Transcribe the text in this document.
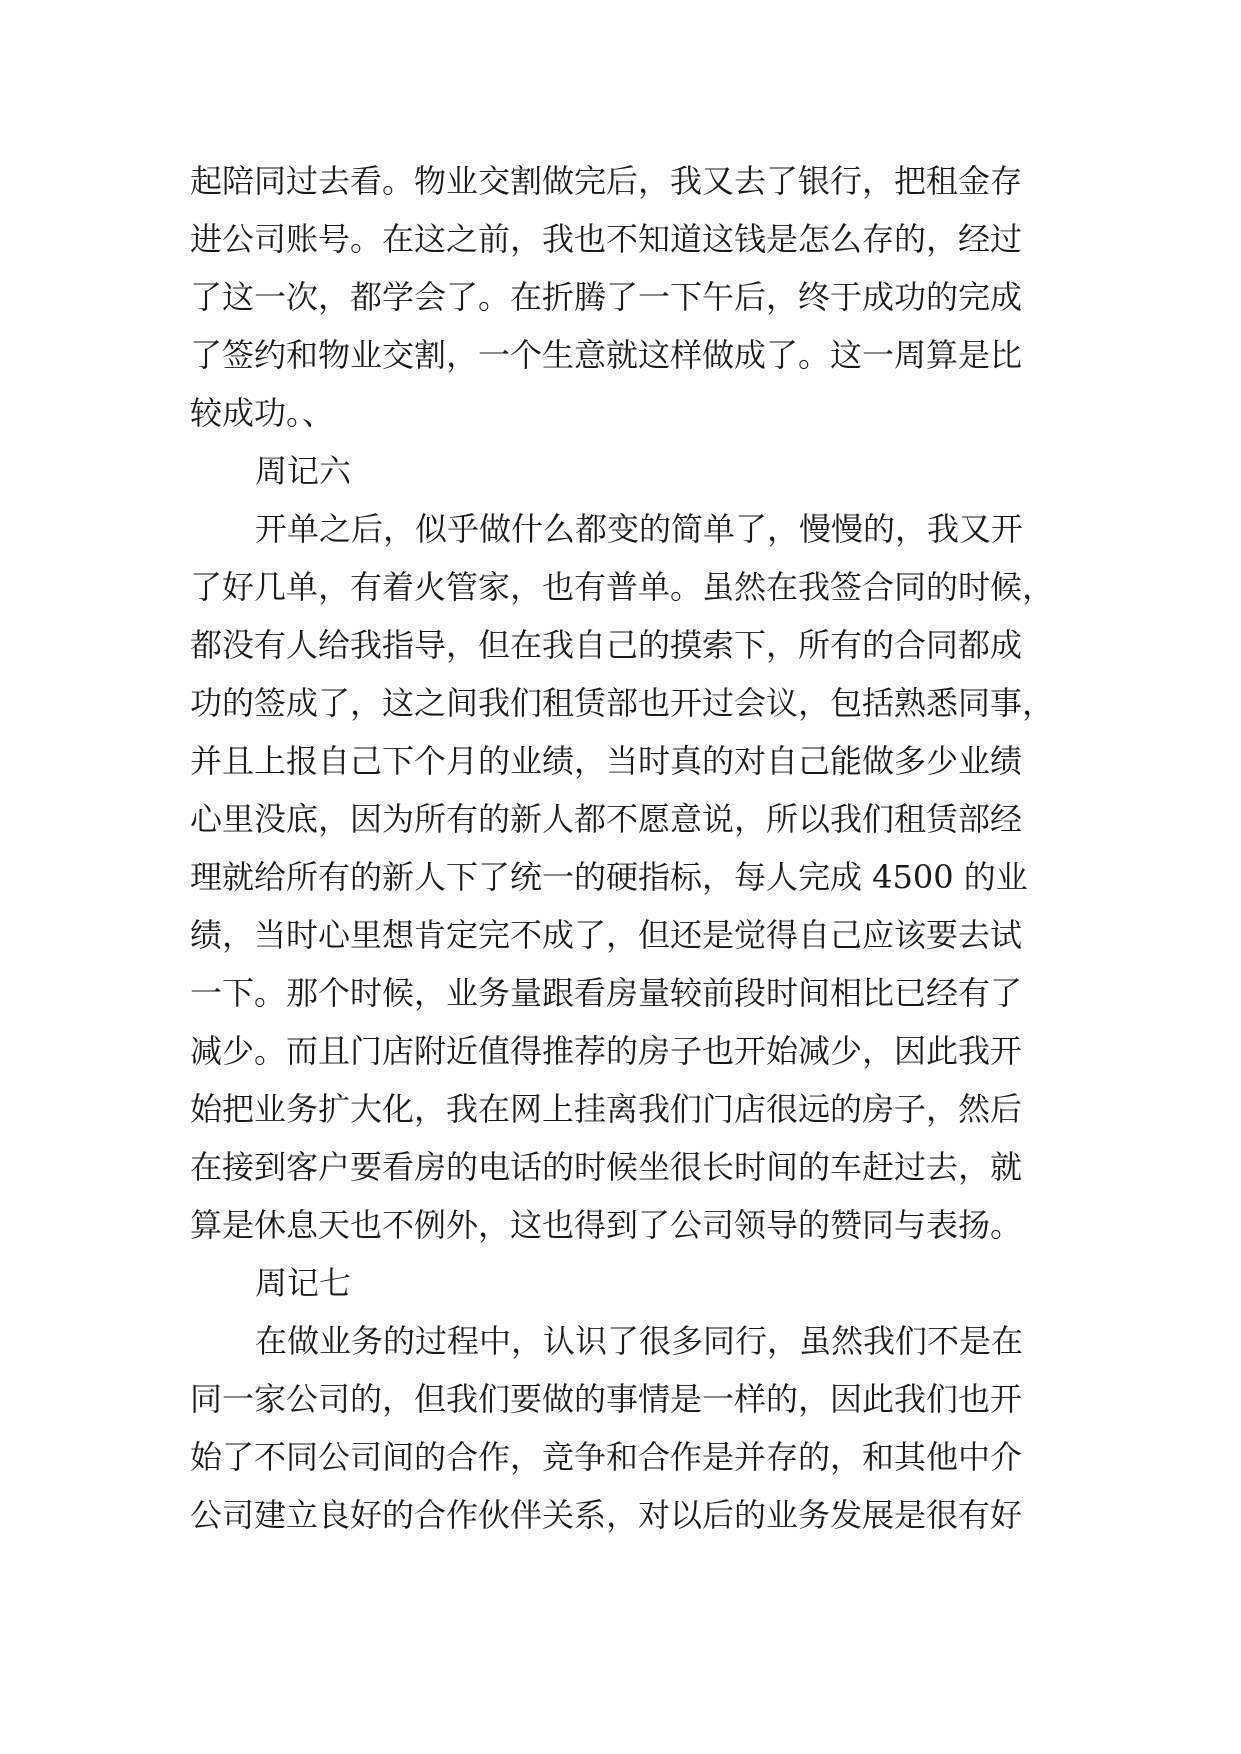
起陪同过去看。物业交割做完后，我又去了银行，把租金存
进公司账号。在这之前，我也不知道这钱是怎么存的，经过
了这一次，都学会了。在折腾了一下午后，终于成功的完成
了签约和物业交割，一个生意就这样做成了。这一周算是比
较成功。、
周记六
开单之后，似乎做什么都变的简单了，慢慢的，我又开
了好几单，有着火管家，也有普单。虽然在我签合同的时候，
都没有人给我指导，但在我自己的摸索下，所有的合同都成
功的签成了，这之间我们租赁部也开过会议，包括熟悉同事，
并且上报自己下个月的业绩，当时真的对自己能做多少业绩
心里没底，因为所有的新人都不愿意说，所以我们租赁部经
理就给所有的新人下了统一的硬指标，每人完成 4500 的业
绩，当时心里想肯定完不成了，但还是觉得自己应该要去试
一下。那个时候，业务量跟看房量较前段时间相比已经有了
减少。而且门店附近值得推荐的房子也开始减少，因此我开
始把业务扩大化，我在网上挂离我们门店很远的房子，然后
在接到客户要看房的电话的时候坐很长时间的车赶过去，就
算是休息天也不例外，这也得到了公司领导的赞同与表扬。
周记七
在做业务的过程中，认识了很多同行，虽然我们不是在
同一家公司的，但我们要做的事情是一样的，因此我们也开
始了不同公司间的合作，竞争和合作是并存的，和其他中介
公司建立良好的合作伙伴关系，对以后的业务发展是很有好
